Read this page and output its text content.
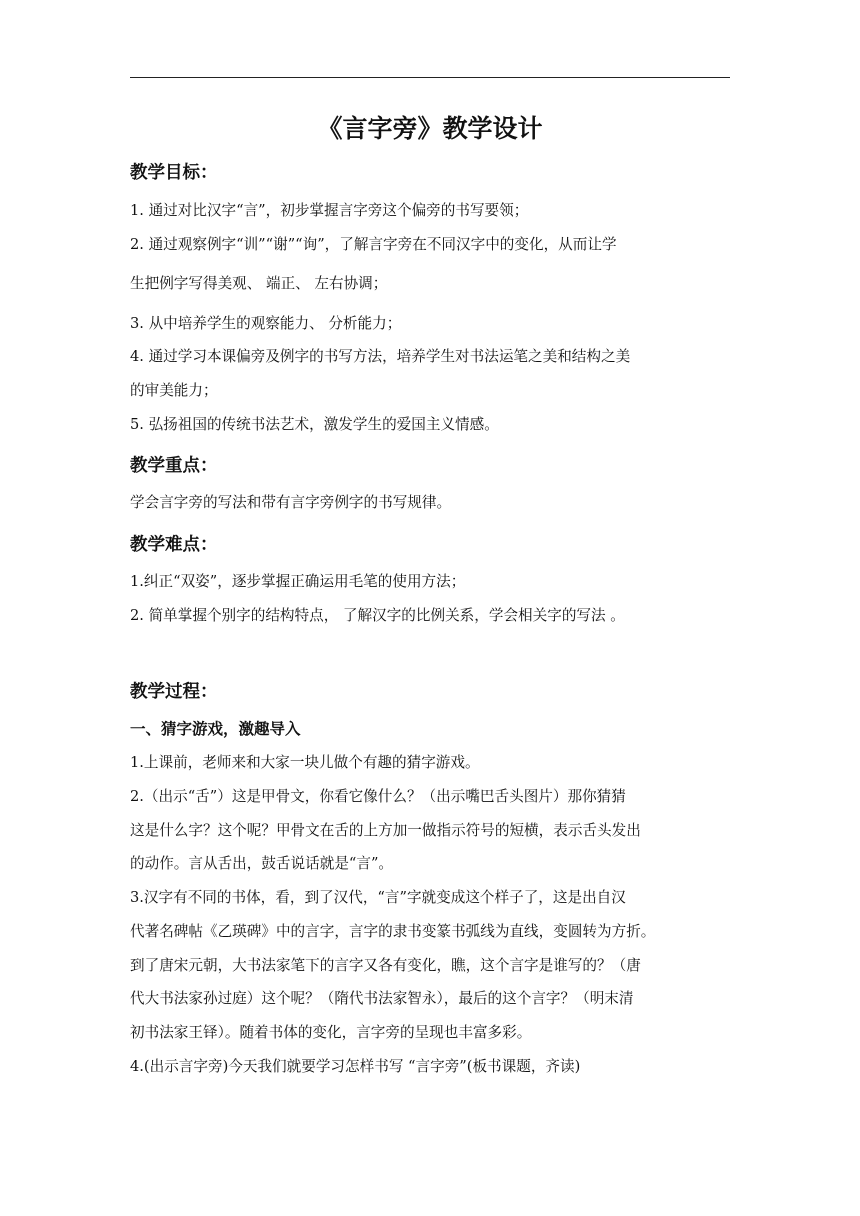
《言字旁》教学设计
教学目标：
1. 通过对比汉字“言”，初步掌握言字旁这个偏旁的书写要领；
2. 通过观察例字“训”“谢”“询”，了解言字旁在不同汉字中的变化，从而让学
生把例字写得美观、 端正、 左右协调；
3. 从中培养学生的观察能力、 分析能力；
4. 通过学习本课偏旁及例字的书写方法，培养学生对书法运笔之美和结构之美
的审美能力；
5. 弘扬祖国的传统书法艺术，激发学生的爱国主义情感。
教学重点：
学会言字旁的写法和带有言字旁例字的书写规律。
教学难点：
1.纠正“双姿”，逐步掌握正确运用毛笔的使用方法；
2. 简单掌握个别字的结构特点， 了解汉字的比例关系，学会相关字的写法 。
教学过程：
一、猜字游戏，激趣导入
1.上课前，老师来和大家一块儿做个有趣的猜字游戏。
2.（出示“舌”）这是甲骨文，你看它像什么？（出示嘴巴舌头图片）那你猜猜
这是什么字？这个呢？甲骨文在舌的上方加一做指示符号的短横，表示舌头发出
的动作。言从舌出，鼓舌说话就是“言”。
3.汉字有不同的书体，看，到了汉代，“言”字就变成这个样子了，这是出自汉
代著名碑帖《乙瑛碑》中的言字，言字的隶书变篆书弧线为直线，变圆转为方折。
到了唐宋元朝，大书法家笔下的言字又各有变化，瞧，这个言字是谁写的？（唐
代大书法家孙过庭）这个呢？（隋代书法家智永），最后的这个言字？（明末清
初书法家王铎）。随着书体的变化，言字旁的呈现也丰富多彩。
4.(出示言字旁)今天我们就要学习怎样书写 “言字旁”(板书课题，齐读)
